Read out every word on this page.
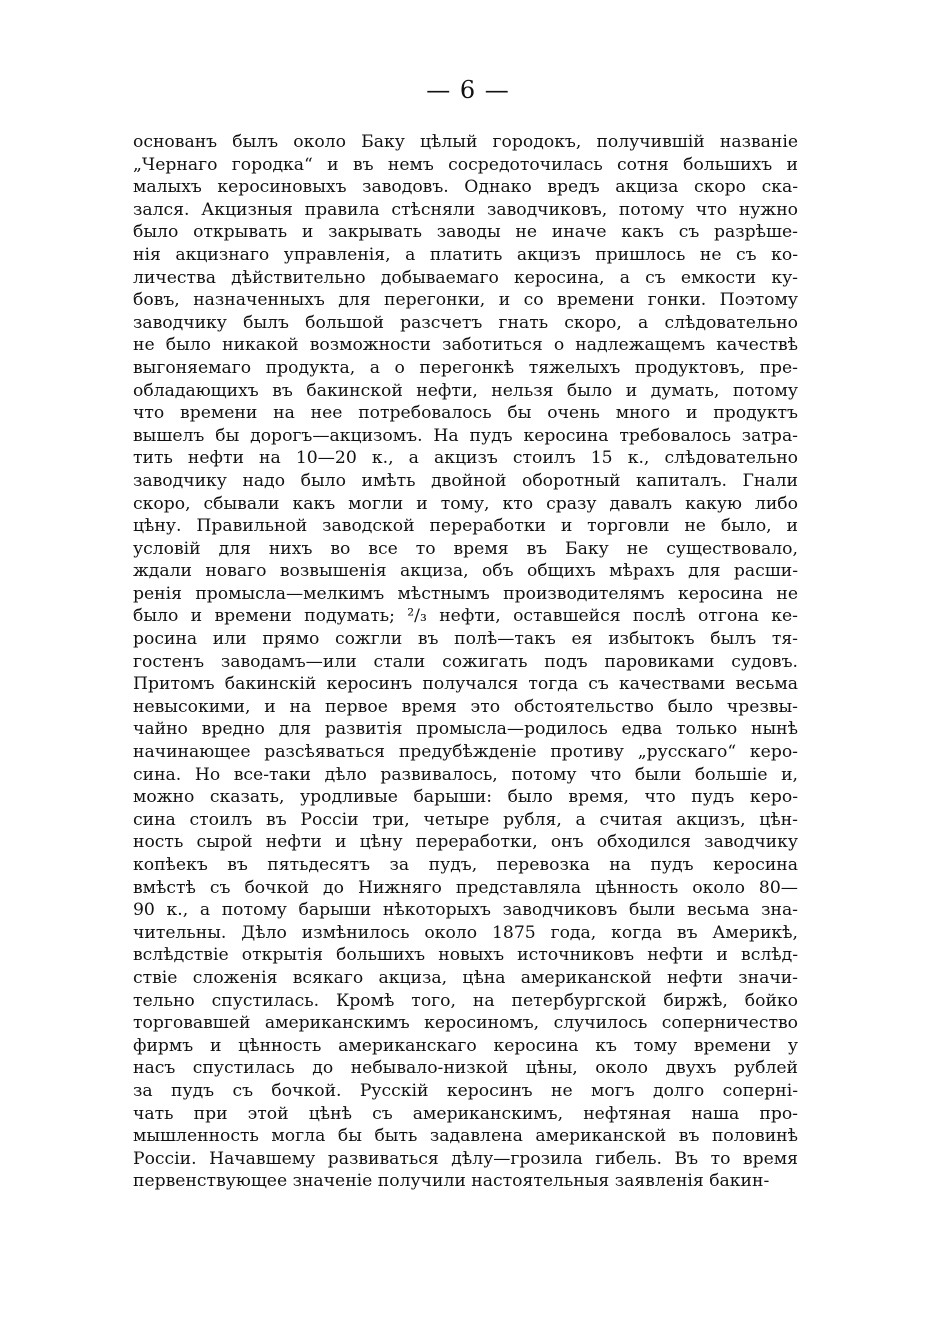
— 6 —
основанъ былъ около Баку цѣлый городокъ, получившій названіе
„Чернаго городка“ и въ немъ сосредоточилась сотня большихъ и
малыхъ керосиновыхъ заводовъ. Однако вредъ акциза скоро ска-
зался. Акцизныя правила стѣсняли заводчиковъ, потому что нужно
было открывать и закрывать заводы не иначе какъ съ разрѣше-
нія акцизнаго управленія, а платить акцизъ пришлось не съ ко-
личества дѣйствительно добываемаго керосина, а съ емкости ку-
бовъ, назначенныхъ для перегонки, и со времени гонки. Поэтому
заводчику былъ большой разсчетъ гнать скоро, а слѣдовательно
не было никакой возможности заботиться о надлежащемъ качествѣ
выгоняемаго продукта, а о перегонкѣ тяжелыхъ продуктовъ, пре-
обладающихъ въ бакинской нефти, нельзя было и думать, потому
что времени на нее потребовалось бы очень много и продуктъ
вышелъ бы дорогъ—акцизомъ. На пудъ керосина требовалось затра-
тить нефти на 10—20 к., а акцизъ стоилъ 15 к., слѣдовательно
заводчику надо было имѣть двойной оборотный капиталъ. Гнали
скоро, сбывали какъ могли и тому, кто сразу давалъ какую либо
цѣну. Правильной заводской переработки и торговли не было, и
условій для нихъ во все то время въ Баку не существовало,
ждали новаго возвышенія акциза, объ общихъ мѣрахъ для расши-
ренія промысла—мелкимъ мѣстнымъ производителямъ керосина не
было и времени подумать; ²/₃ нефти, оставшейся послѣ отгона ке-
росина или прямо сожгли въ полѣ—такъ ея избытокъ былъ тя-
гостенъ заводамъ—или стали сожигать подъ паровиками судовъ.
Притомъ бакинскій керосинъ получался тогда съ качествами весьма
невысокими, и на первое время это обстоятельство было чрезвы-
чайно вредно для развитія промысла—родилось едва только нынѣ
начинающее разсѣяваться предубѣжденіе противу „русскаго“ керо-
сина. Но все-таки дѣло развивалось, потому что были большіе и,
можно сказать, уродливые барыши: было время, что пудъ керо-
сина стоилъ въ Россіи три, четыре рубля, а считая акцизъ, цѣн-
ность сырой нефти и цѣну переработки, онъ обходился заводчику
копѣекъ въ пятьдесятъ за пудъ, перевозка на пудъ керосина
вмѣстѣ съ бочкой до Нижняго представляла цѣнность около 80—
90 к., а потому барыши нѣкоторыхъ заводчиковъ были весьма зна-
чительны. Дѣло измѣнилось около 1875 года, когда въ Америкѣ,
вслѣдствіе открытія большихъ новыхъ источниковъ нефти и вслѣд-
ствіе сложенія всякаго акциза, цѣна американской нефти значи-
тельно спустилась. Кромѣ того, на петербургской биржѣ, бойко
торговавшей американскимъ керосиномъ, случилось соперничество
фирмъ и цѣнность американскаго керосина къ тому времени у
насъ спустилась до небывало-низкой цѣны, около двухъ рублей
за пудъ съ бочкой. Русскій керосинъ не могъ долго сопернi-
чать при этой цѣнѣ съ американскимъ, нефтяная наша про-
мышленность могла бы быть задавлена американской въ половинѣ
Россіи. Начавшему развиваться дѣлу—грозила гибель. Въ то время
первенствующее значеніе получили настоятельныя заявленія бакин-
